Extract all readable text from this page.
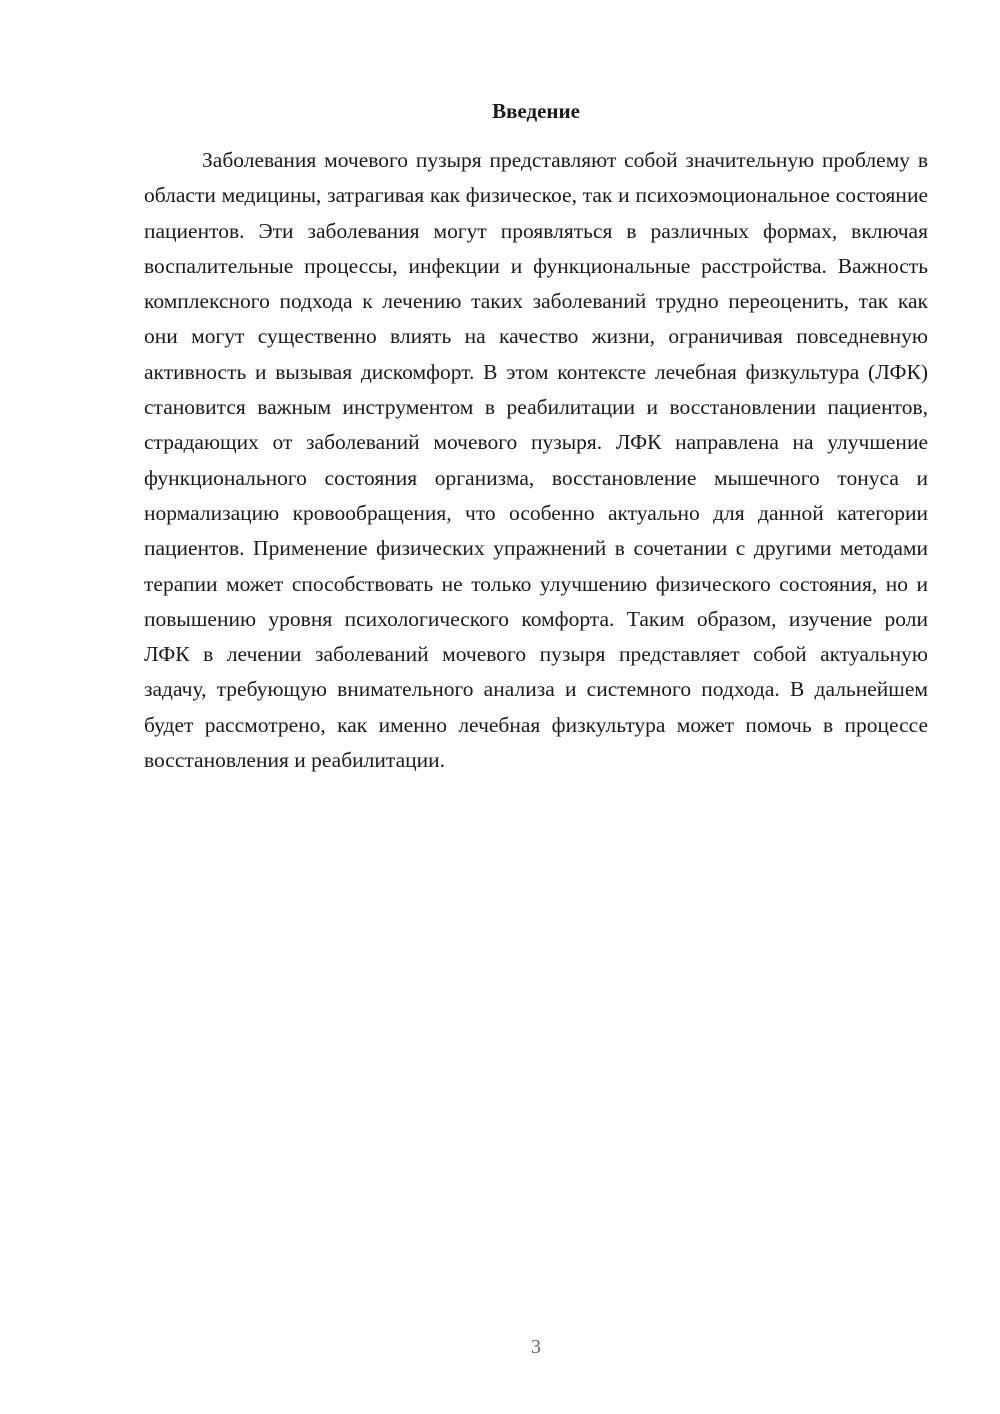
Введение

Заболевания мочевого пузыря представляют собой значительную проблему в области медицины, затрагивая как физическое, так и психоэмоциональное состояние пациентов. Эти заболевания могут проявляться в различных формах, включая воспалительные процессы, инфекции и функциональные расстройства. Важность комплексного подхода к лечению таких заболеваний трудно переоценить, так как они могут существенно влиять на качество жизни, ограничивая повседневную активность и вызывая дискомфорт. В этом контексте лечебная физкультура (ЛФК) становится важным инструментом в реабилитации и восстановлении пациентов, страдающих от заболеваний мочевого пузыря. ЛФК направлена на улучшение функционального состояния организма, восстановление мышечного тонуса и нормализацию кровообращения, что особенно актуально для данной категории пациентов. Применение физических упражнений в сочетании с другими методами терапии может способствовать не только улучшению физического состояния, но и повышению уровня психологического комфорта. Таким образом, изучение роли ЛФК в лечении заболеваний мочевого пузыря представляет собой актуальную задачу, требующую внимательного анализа и системного подхода. В дальнейшем будет рассмотрено, как именно лечебная физкультура может помочь в процессе восстановления и реабилитации.

3
